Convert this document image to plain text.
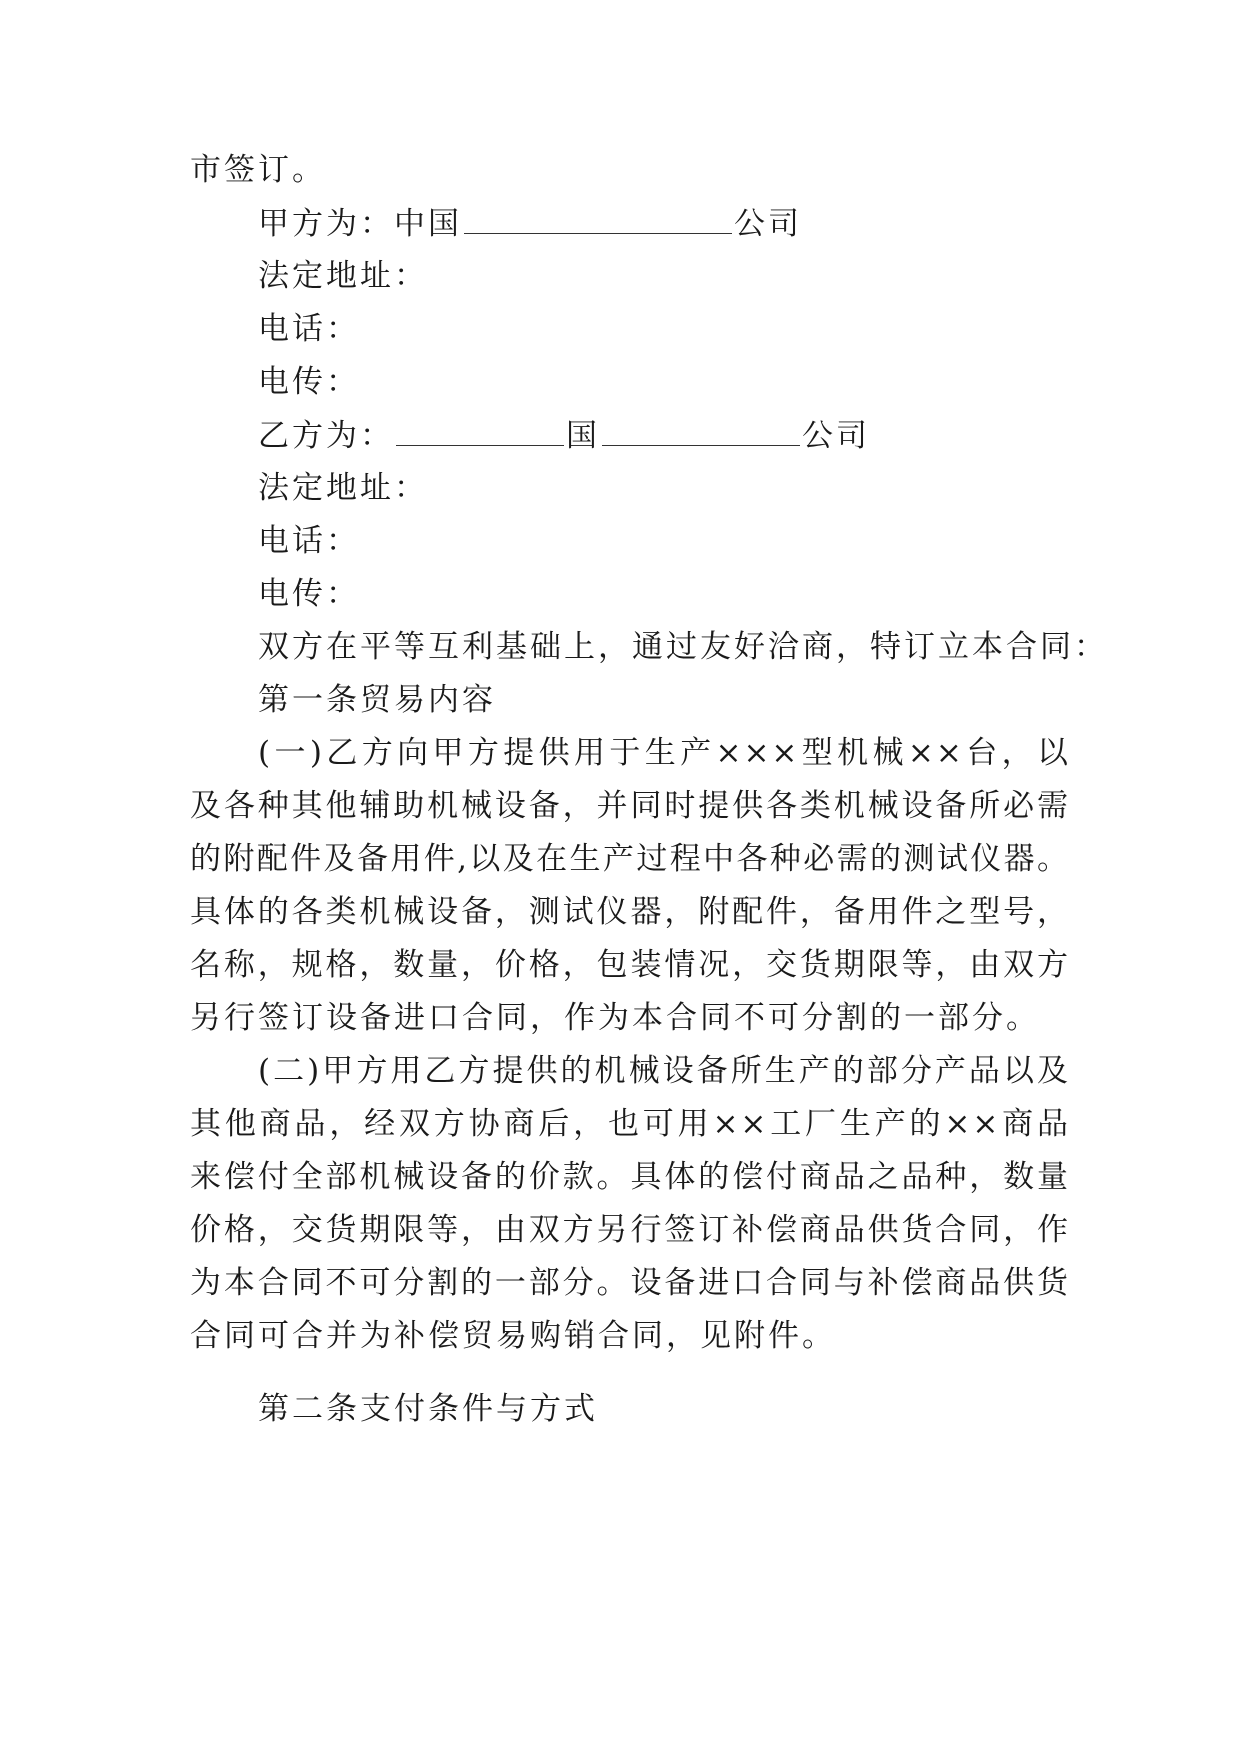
市签订。
甲方为：中国	公司
法定地址：
电话：
电传：
乙方为：	国	公司
法定地址：
电话：
电传：
双方在平等互利基础上，通过友好洽商，特订立本合同：
第一条贸易内容
(一)乙方向甲方提供用于生产×××型机械××台，以
及各种其他辅助机械设备，并同时提供各类机械设备所必需
的附配件及备用件,以及在生产过程中各种必需的测试仪器。
具体的各类机械设备，测试仪器，附配件，备用件之型号，
名称，规格，数量，价格，包装情况，交货期限等，由双方
另行签订设备进口合同，作为本合同不可分割的一部分。
(二)甲方用乙方提供的机械设备所生产的部分产品以及
其他商品，经双方协商后，也可用××工厂生产的××商品
来偿付全部机械设备的价款。具体的偿付商品之品种，数量
价格，交货期限等，由双方另行签订补偿商品供货合同，作
为本合同不可分割的一部分。设备进口合同与补偿商品供货
合同可合并为补偿贸易购销合同，见附件。
第二条支付条件与方式
